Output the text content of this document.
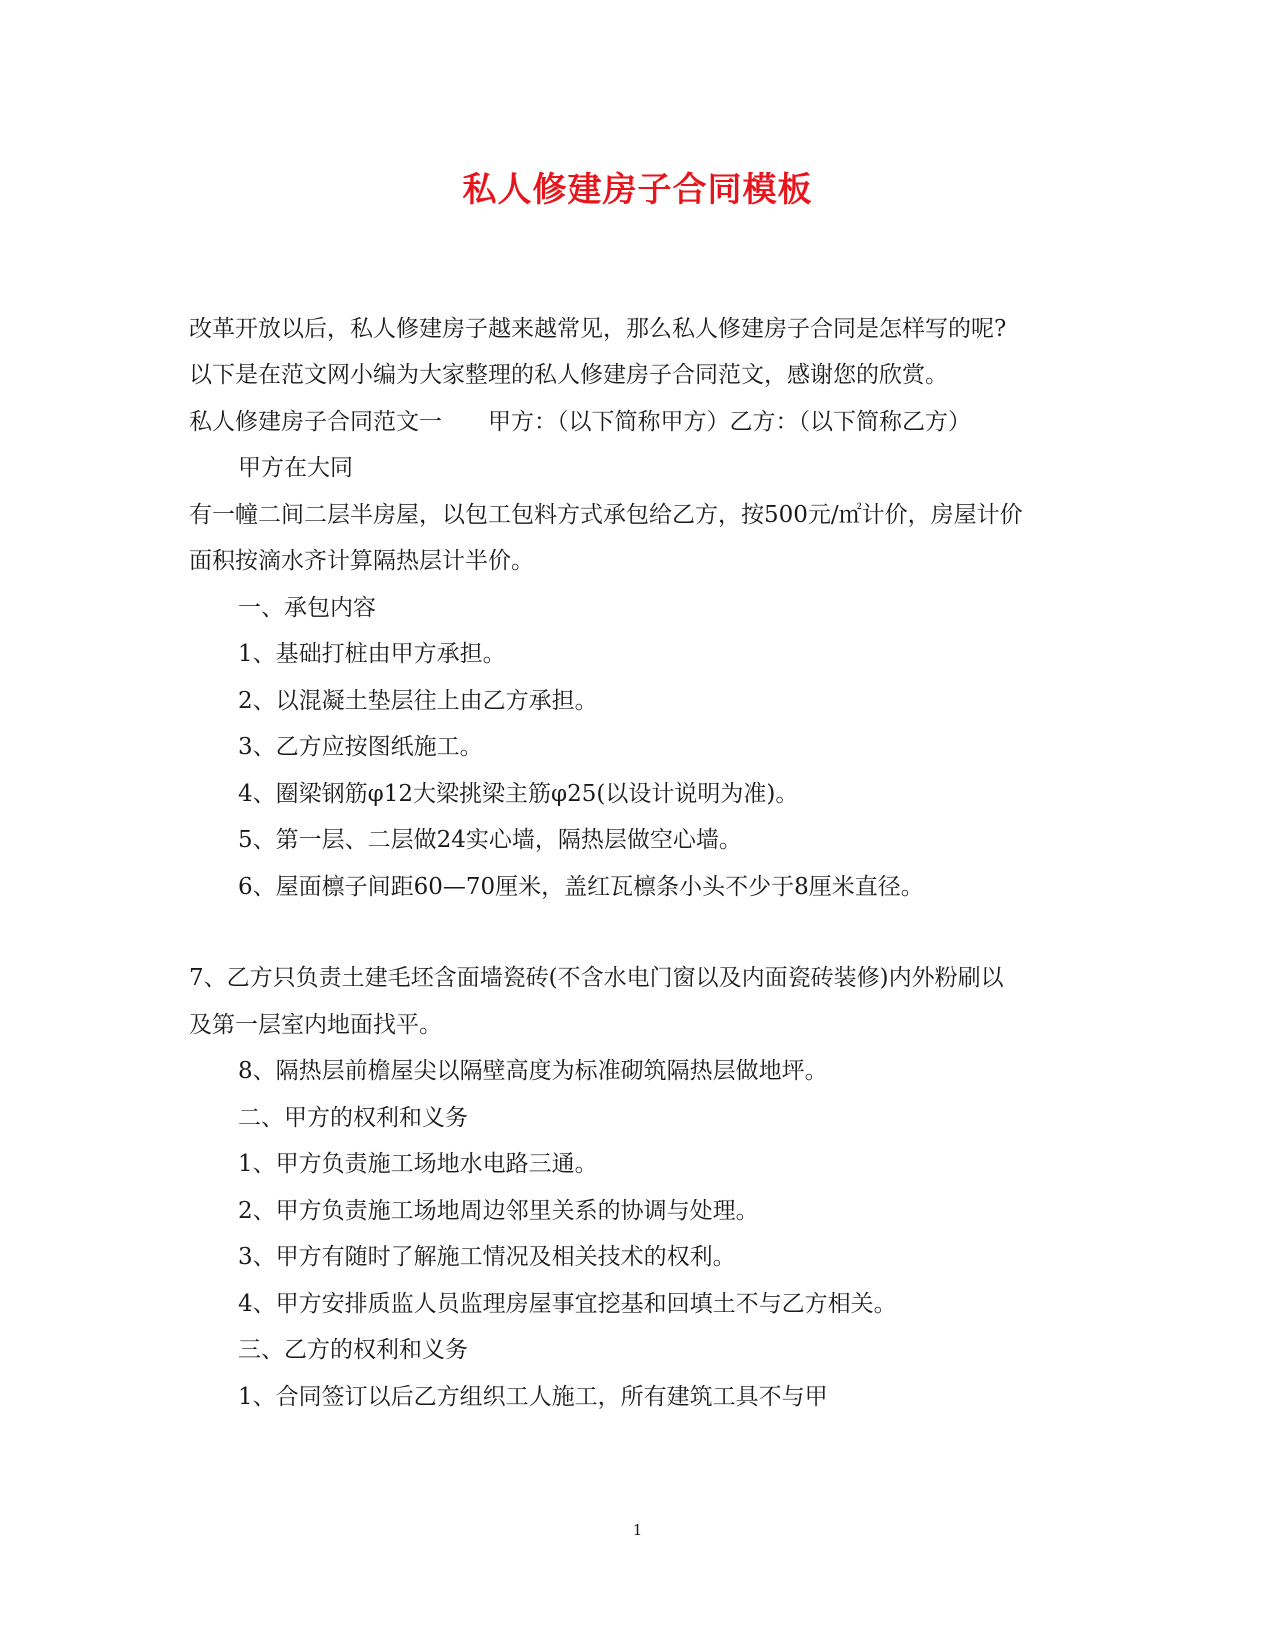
私人修建房子合同模板
改革开放以后，私人修建房子越来越常见，那么私人修建房子合同是怎样写的呢?
以下是在范文网小编为大家整理的私人修建房子合同范文，感谢您的欣赏。
私人修建房子合同范文一　　甲方：（以下简称甲方）乙方：（以下简称乙方）
甲方在大同
有一幢二间二层半房屋，以包工包料方式承包给乙方，按500元/㎡计价，房屋计价
面积按滴水齐计算隔热层计半价。
一、承包内容
1、基础打桩由甲方承担。
2、以混凝土垫层往上由乙方承担。
3、乙方应按图纸施工。
4、圈梁钢筋φ12大梁挑梁主筋φ25(以设计说明为准)。
5、第一层、二层做24实心墙，隔热层做空心墙。
6、屋面檩子间距60—70厘米，盖红瓦檩条小头不少于8厘米直径。
7、乙方只负责土建毛坯含面墙瓷砖(不含水电门窗以及内面瓷砖装修)内外粉刷以
及第一层室内地面找平。
8、隔热层前檐屋尖以隔壁高度为标准砌筑隔热层做地坪。
二、甲方的权利和义务
1、甲方负责施工场地水电路三通。
2、甲方负责施工场地周边邻里关系的协调与处理。
3、甲方有随时了解施工情况及相关技术的权利。
4、甲方安排质监人员监理房屋事宜挖基和回填土不与乙方相关。
三、乙方的权利和义务
1、合同签订以后乙方组织工人施工，所有建筑工具不与甲
1
